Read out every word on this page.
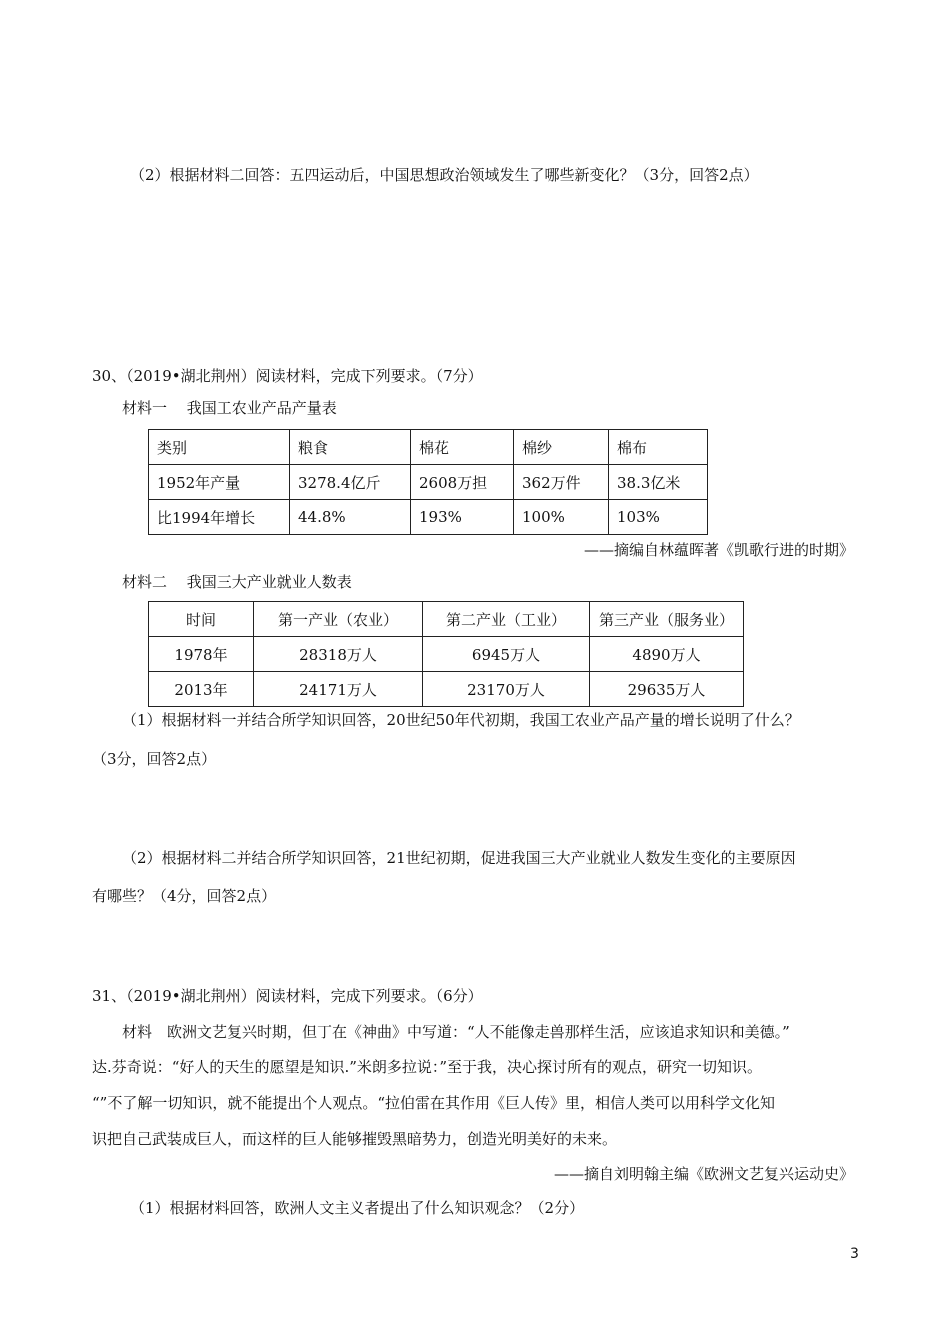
（2）根据材料二回答：五四运动后，中国思想政治领域发生了哪些新变化？（3分，回答2点）
30、（2019•湖北荆州）阅读材料，完成下列要求。（7分）
材料一　 我国工农业产品产量表
类别	粮食	棉花	棉纱	棉布
1952年产量	3278.4亿斤	2608万担	362万件	38.3亿米
比1994年增长	44.8%	193%	100%	103%
——摘编自林蕴晖著《凯歌行进的时期》
材料二　 我国三大产业就业人数表
时间	第一产业（农业）	第二产业（工业）	第三产业（服务业）
1978年	28318万人	6945万人	4890万人
2013年	24171万人	23170万人	29635万人
（1）根据材料一并结合所学知识回答，20世纪50年代初期，我国工农业产品产量的增长说明了什么？
（3分，回答2点）
（2）根据材料二并结合所学知识回答，21世纪初期，促进我国三大产业就业人数发生变化的主要原因
有哪些？（4分，回答2点）
31、（2019•湖北荆州）阅读材料，完成下列要求。（6分）
材料　欧洲文艺复兴时期，但丁在《神曲》中写道：“人不能像走兽那样生活，应该追求知识和美德。”
达.芬奇说：“好人的天生的愿望是知识.”米朗多拉说：”至于我，决心探讨所有的观点，研究一切知识。
“”不了解一切知识，就不能提出个人观点。“拉伯雷在其作用《巨人传》里，相信人类可以用科学文化知
识把自己武装成巨人，而这样的巨人能够摧毁黑暗势力，创造光明美好的未来。
——摘自刘明翰主编《欧洲文艺复兴运动史》
（1）根据材料回答，欧洲人文主义者提出了什么知识观念？（2分）
3
